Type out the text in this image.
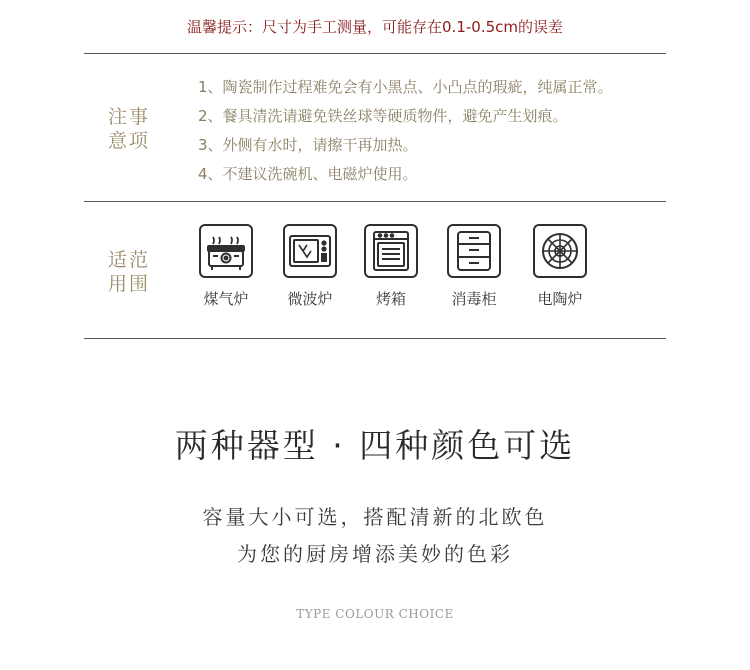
温馨提示：尺寸为手工测量，可能存在0.1-0.5cm的误差
注事
意项
1、陶瓷制作过程难免会有小黑点、小凸点的瑕疵，纯属正常。
2、餐具清洗请避免铁丝球等硬质物件，避免产生划痕。
3、外侧有水时，请擦干再加热。
4、不建议洗碗机、电磁炉使用。
适范
用围
煤气炉	微波炉	烤箱	消毒柜	电陶炉
两种器型 · 四种颜色可选
容量大小可选，搭配清新的北欧色
为您的厨房增添美妙的色彩
TYPE COLOUR CHOICE
